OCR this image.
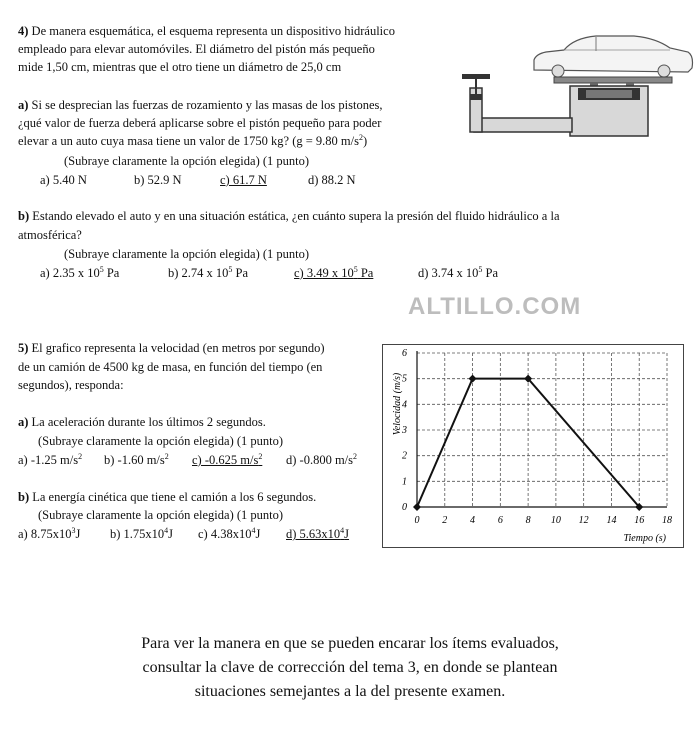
4) De manera esquemática, el esquema representa un dispositivo hidráulico
empleado para elevar automóviles. El diámetro del pistón más pequeño
mide 1,50 cm, mientras que el otro tiene un diámetro de 25,0 cm
a) Si se desprecian las fuerzas de rozamiento y las masas de los pistones,
¿qué valor de fuerza deberá aplicarse sobre el pistón pequeño para poder
elevar a un auto cuya masa tiene un valor de 1750 kg? (g = 9.80 $m/s^2$)
(Subraye claramente la opción elegida) (1 punto)
a) 5.40 N	b) 52.9 N	c) 61.7 N	d) 88.2 N
b) Estando elevado el auto y en una situación estática, ¿en cuánto supera la presión del fluido hidráulico a la
atmosférica?
(Subraye claramente la opción elegida) (1 punto)
a) 2.35 x $10^5$ Pa	b) 2.74 x $10^5$ Pa	c) 3.49 x $10^5$ Pa	d) 3.74 x $10^5$ Pa
ALTILLO.COM
5) El grafico representa la velocidad (en metros por segundo)
de un camión de 4500 kg de masa, en función del tiempo (en
segundos), responda:
a) La aceleración durante los últimos 2 segundos.
(Subraye claramente la opción elegida) (1 punto)
a) -1.25 $m/s^2$ b) -1.60 $m/s^2$ c) -0.625 $m/s^2$ d) -0.800 $m/s^2$
b) La energía cinética que tiene el camión a los 6 segundos.
(Subraye claramente la opción elegida) (1 punto)
a) $8.75x10^3J$ b) $1.75x10^4J$ c) $4.38x10^4J$ d) $5.63x10^4J$
0 2 4 6 8 10 12 14 16 18
0
1
2
3
4
5
6
Tiempo (s)
Velocidad (m/s)
Para ver la manera en que se pueden encarar los ítems evaluados,
consultar la clave de corrección del tema 3, en donde se plantean
situaciones semejantes a la del presente examen.
